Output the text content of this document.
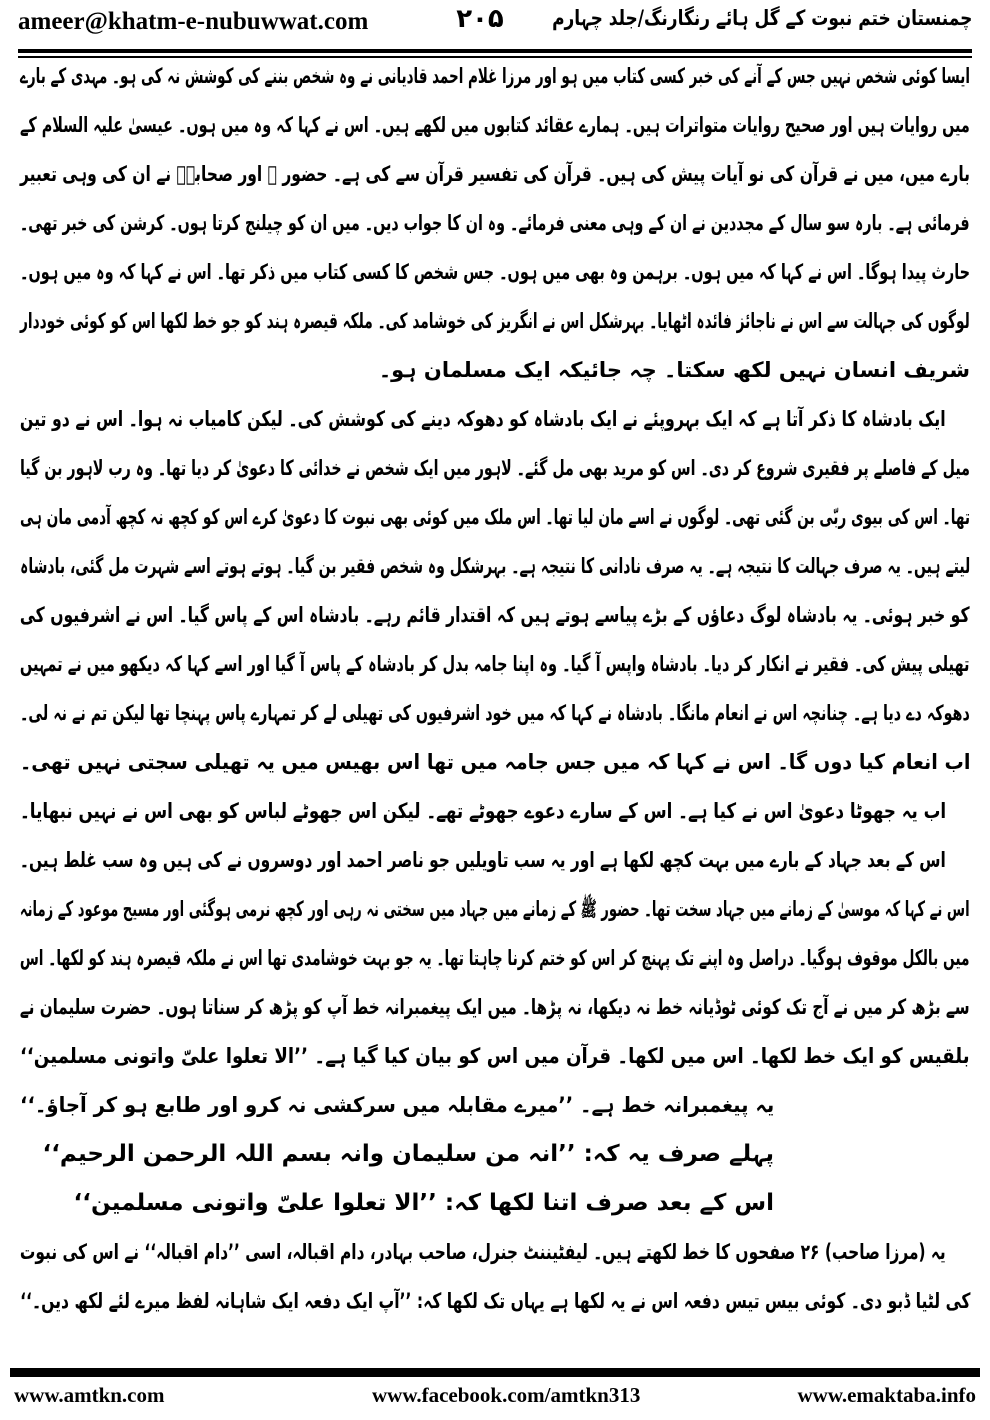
ameer@khatm-e-nubuwwat.com	۲۰۵	چمنستان ختم نبوت کے گل ہائے رنگارنگ/جلد چہارم
ایسا کوئی شخص نہیں جس کے آنے کی خبر کسی کتاب میں ہو اور مرزا غلام احمد قادیانی نے وہ شخص بننے کی کوشش نہ کی ہو۔ مہدی کے بارے
میں روایات ہیں اور صحیح روایات متواترات ہیں۔ ہمارے عقائد کتابوں میں لکھے ہیں۔ اس نے کہا کہ وہ میں ہوں۔ عیسیٰ علیہ السلام کے
بارے میں، میں نے قرآن کی نو آیات پیش کی ہیں۔ قرآن کی تفسیر قرآن سے کی ہے۔ حضور ﷺ اور صحابہؓ نے ان کی وہی تعبیر
فرمائی ہے۔ بارہ سو سال کے مجددین نے ان کے وہی معنی فرمائے۔ وہ ان کا جواب دیں۔ میں ان کو چیلنج کرتا ہوں۔ کرشن کی خبر تھی۔
حارث پیدا ہوگا۔ اس نے کہا کہ میں ہوں۔ برہمن وہ بھی میں ہوں۔ جس شخص کا کسی کتاب میں ذکر تھا۔ اس نے کہا کہ وہ میں ہوں۔
لوگوں کی جہالت سے اس نے ناجائز فائدہ اٹھایا۔ بہرشکل اس نے انگریز کی خوشامد کی۔ ملکہ قیصرہ ہند کو جو خط لکھا اس کو کوئی خوددار
شریف انسان نہیں لکھ سکتا۔ چہ جائیکہ ایک مسلمان ہو۔
ایک بادشاہ کا ذکر آتا ہے کہ ایک بہروپئے نے ایک بادشاہ کو دھوکہ دینے کی کوشش کی۔ لیکن کامیاب نہ ہوا۔ اس نے دو تین
میل کے فاصلے پر فقیری شروع کر دی۔ اس کو مرید بھی مل گئے۔ لاہور میں ایک شخص نے خدائی کا دعویٰ کر دیا تھا۔ وہ رب لاہور بن گیا
تھا۔ اس کی بیوی ربّی بن گئی تھی۔ لوگوں نے اسے مان لیا تھا۔ اس ملک میں کوئی بھی نبوت کا دعویٰ کرے اس کو کچھ نہ کچھ آدمی مان ہی
لیتے ہیں۔ یہ صرف جہالت کا نتیجہ ہے۔ یہ صرف نادانی کا نتیجہ ہے۔ بہرشکل وہ شخص فقیر بن گیا۔ ہوتے ہوتے اسے شہرت مل گئی، بادشاہ
کو خبر ہوئی۔ یہ بادشاہ لوگ دعاؤں کے بڑے پیاسے ہوتے ہیں کہ اقتدار قائم رہے۔ بادشاہ اس کے پاس گیا۔ اس نے اشرفیوں کی
تھیلی پیش کی۔ فقیر نے انکار کر دیا۔ بادشاہ واپس آ گیا۔ وہ اپنا جامہ بدل کر بادشاہ کے پاس آ گیا اور اسے کہا کہ دیکھو میں نے تمہیں
دھوکہ دے دیا ہے۔ چنانچہ اس نے انعام مانگا۔ بادشاہ نے کہا کہ میں خود اشرفیوں کی تھیلی لے کر تمہارے پاس پہنچا تھا لیکن تم نے نہ لی۔
اب انعام کیا دوں گا۔ اس نے کہا کہ میں جس جامہ میں تھا اس بھیس میں یہ تھیلی سجتی نہیں تھی۔
اب یہ جھوٹا دعویٰ اس نے کیا ہے۔ اس کے سارے دعوے جھوٹے تھے۔ لیکن اس جھوٹے لباس کو بھی اس نے نہیں نبھایا۔
اس کے بعد جہاد کے بارے میں بہت کچھ لکھا ہے اور یہ سب تاویلیں جو ناصر احمد اور دوسروں نے کی ہیں وہ سب غلط ہیں۔
اس نے کہا کہ موسیٰ کے زمانے میں جہاد سخت تھا۔ حضور ﷺ کے زمانے میں جہاد میں سختی نہ رہی اور کچھ نرمی ہوگئی اور مسیح موعود کے زمانہ
میں بالکل موقوف ہوگیا۔ دراصل وہ اپنے تک پہنچ کر اس کو ختم کرنا چاہتا تھا۔ یہ جو بہت خوشامدی تھا اس نے ملکہ قیصرہ ہند کو لکھا۔ اس
سے بڑھ کر میں نے آج تک کوئی ٹوڈیانہ خط نہ دیکھا، نہ پڑھا۔ میں ایک پیغمبرانہ خط آپ کو پڑھ کر سناتا ہوں۔ حضرت سلیمان نے
بلقیس کو ایک خط لکھا۔ اس میں لکھا۔ قرآن میں اس کو بیان کیا گیا ہے۔ ’’الا تعلوا علیّ واتونی مسلمین‘‘
یہ پیغمبرانہ خط ہے۔ ’’میرے مقابلہ میں سرکشی نہ کرو اور طابع ہو کر آجاؤ۔‘‘
پہلے صرف یہ کہ: ’’انہ من سلیمان وانہ بسم اللہ الرحمن الرحیم‘‘
اس کے بعد صرف اتنا لکھا کہ: ’’الا تعلوا علیّ واتونی مسلمین‘‘
یہ (مرزا صاحب) ۲۶ صفحوں کا خط لکھتے ہیں۔ لیفٹیننٹ جنرل، صاحب بہادر، دام اقبالہ، اسی ’’دام اقبالہ‘‘ نے اس کی نبوت
کی لٹیا ڈبو دی۔ کوئی بیس تیس دفعہ اس نے یہ لکھا ہے یہاں تک لکھا کہ: ’’آپ ایک دفعہ ایک شاہانہ لفظ میرے لئے لکھ دیں۔‘‘
www.amtkn.com	www.facebook.com/amtkn313	www.emaktaba.info
